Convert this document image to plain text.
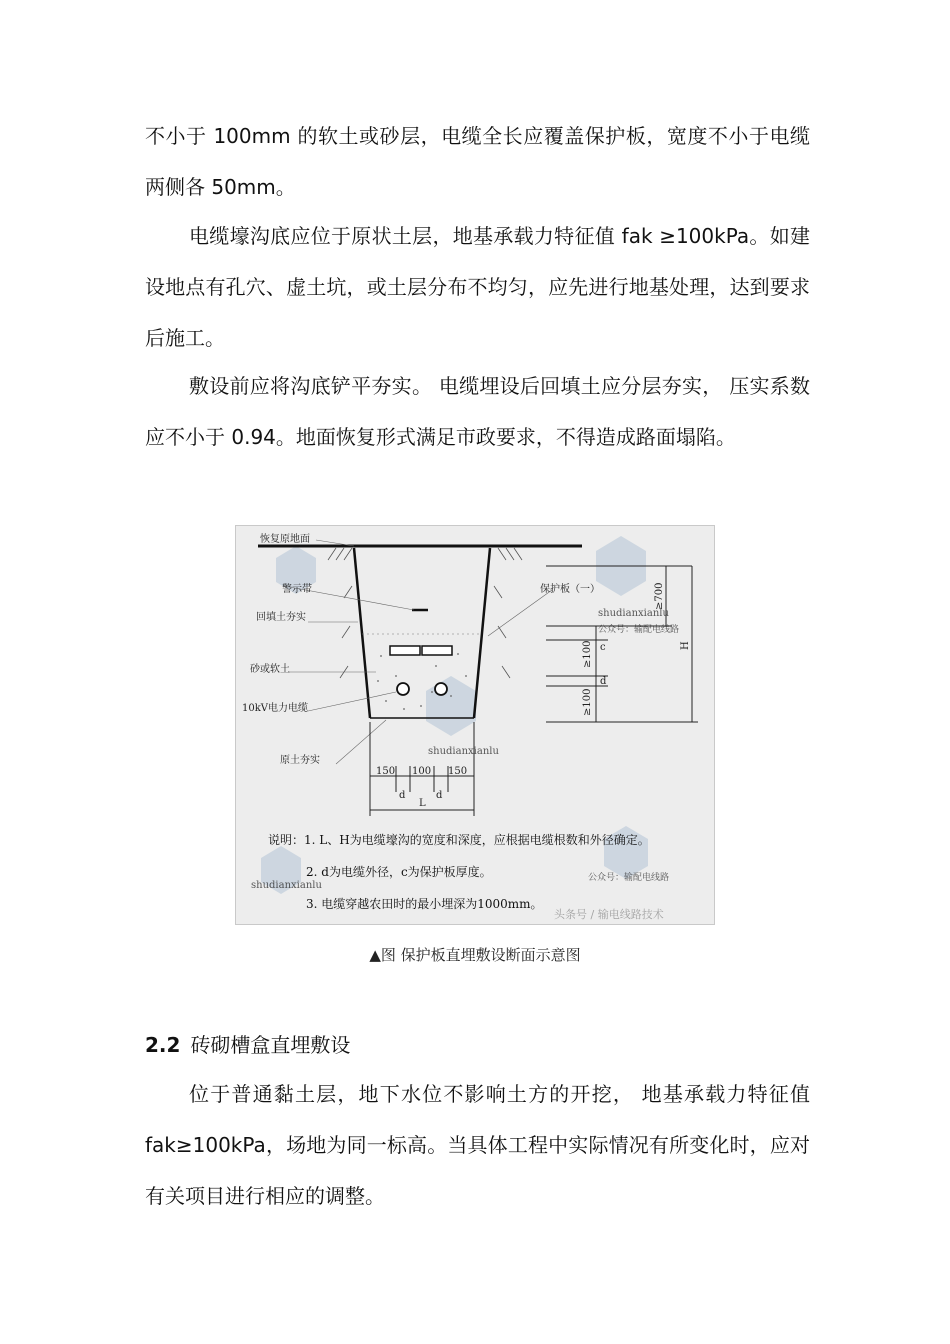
不小于 100mm 的软土或砂层，电缆全长应覆盖保护板，宽度不小于电缆两侧各 50mm。

电缆壕沟底应位于原状土层，地基承载力特征值 fak ≥100kPa。如建设地点有孔穴、虚土坑，或土层分布不均匀，应先进行地基处理，达到要求后施工。

敷设前应将沟底铲平夯实。 电缆埋设后回填土应分层夯实， 压实系数应不小于 0.94。地面恢复形式满足市政要求，不得造成路面塌陷。

shudianxianlu
公众号：输配电线路
shudianxianlu
shudianxianlu
公众号：输配电线路
头条号 / 输电线路技术
恢复原地面
警示带
回填土夯实
砂或软土
10kV电力电缆
原土夯实
保护板（一）	≥700
H
≥100 c
d
≥100
150 100 150
d	d
L
说明：1. L、H为电缆壕沟的宽度和深度，应根据电缆根数和外径确定。
2. d为电缆外径，c为保护板厚度。
3. 电缆穿越农田时的最小埋深为1000mm。
▲图 保护板直埋敷设断面示意图

2.2 砖砌槽盒直埋敷设

位于普通黏土层，地下水位不影响土方的开挖， 地基承载力特征值 fak≥100kPa，场地为同一标高。当具体工程中实际情况有所变化时，应对有关项目进行相应的调整。
